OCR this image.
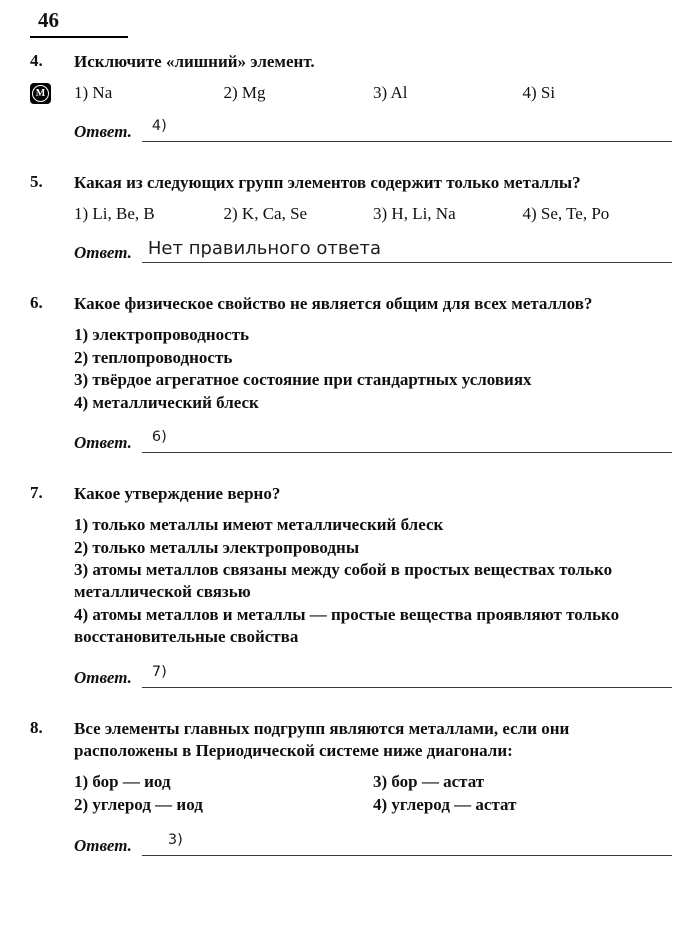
46
4.
М

Исключите «лишний» элемент.

1) Na	2) Mg	3) Al	4) Si
Ответ. 4)
5.	Какая из следующих групп элементов содержит только металлы?

1) Li, Be, B	2) K, Ca, Se	3) H, Li, Na	4) Se, Te, Po
Ответ. Нет правильного ответа
6.	Какое физическое свойство не является общим для всех металлов?

1) электропроводность
2) теплопроводность
3) твёрдое агрегатное состояние при стандартных условиях
4) металлический блеск
Ответ. 6)
7.	Какое утверждение верно?

1) только металлы имеют металлический блеск
2) только металлы электропроводны
3) атомы металлов связаны между собой в простых веществах только металлической связью
4) атомы металлов и металлы — простые вещества проявляют только восстановительные свойства
Ответ. 7)
8.	Все элементы главных подгрупп являются металлами, если они расположены в Периодической системе ниже диагонали:

1) бор — иод	3) бор — астат
2) углерод — иод	4) углерод — астат
Ответ. 3)
